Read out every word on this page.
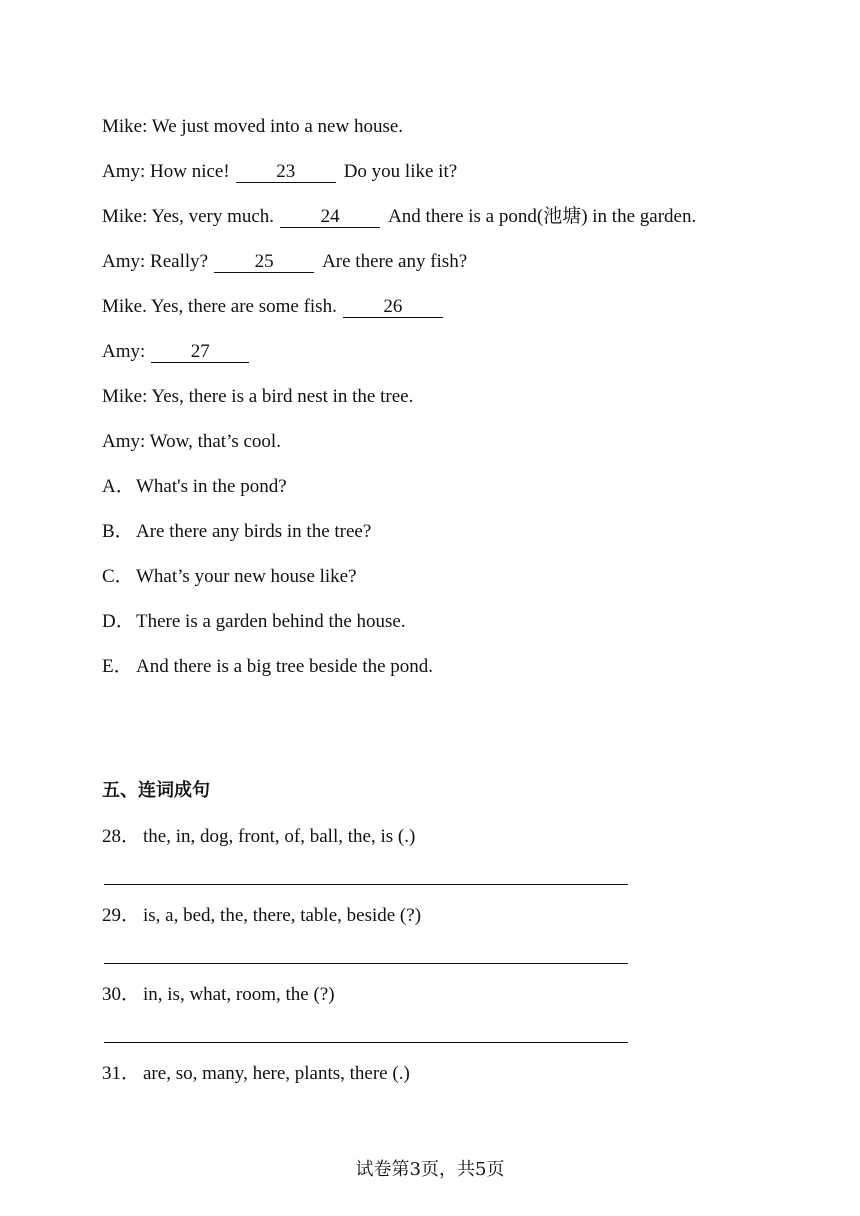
Mike: We just moved into a new house.
Amy: How nice! 23	Do you like it?
Mike: Yes, very much. 24	And there is a pond(池塘) in the garden.
Amy: Really? 25	Are there any fish?
Mike. Yes, there are some fish. 26
Amy: 27
Mike: Yes, there is a bird nest in the tree.
Amy: Wow, that’s cool.
A．What's in the pond?
B． Are there any birds in the tree?
C． What’s your new house like?
D．There is a garden behind the house.
E． And there is a big tree beside the pond.
五、连词成句
28． the, in, dog, front, of, ball, the, is (.)
29． is, a, bed, the, there, table, beside (?)
30． in, is, what, room, the (?)
31． are, so, many, here, plants, there (.)
试卷第3页，共5页
